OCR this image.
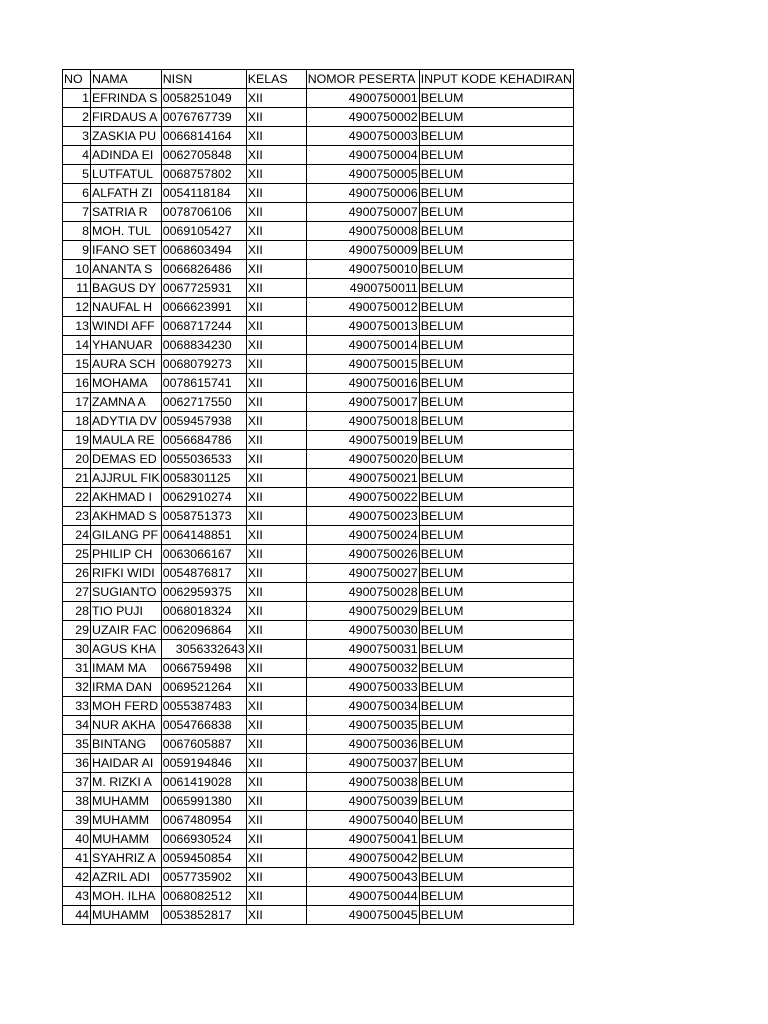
NO	NAMA	NISN	KELAS	NOMOR PESERTA	INPUT KODE KEHADIRAN
1	EFRINDA S	0058251049	XII	4900750001	BELUM
2	FIRDAUS A	0076767739	XII	4900750002	BELUM
3	ZASKIA PU	0066814164	XII	4900750003	BELUM
4	ADINDA EI	0062705848	XII	4900750004	BELUM
5	LUTFATUL	0068757802	XII	4900750005	BELUM
6	ALFATH ZI	0054118184	XII	4900750006	BELUM
7	SATRIA R	0078706106	XII	4900750007	BELUM
8	MOH. TUL	0069105427	XII	4900750008	BELUM
9	IFANO SET	0068603494	XII	4900750009	BELUM
10	ANANTA S	0066826486	XII	4900750010	BELUM
11	BAGUS DY	0067725931	XII	4900750011	BELUM
12	NAUFAL H	0066623991	XII	4900750012	BELUM
13	WINDI AFF	0068717244	XII	4900750013	BELUM
14	YHANUAR	0068834230	XII	4900750014	BELUM
15	AURA SCH	0068079273	XII	4900750015	BELUM
16	MOHAMA	0078615741	XII	4900750016	BELUM
17	ZAMNA A	0062717550	XII	4900750017	BELUM
18	ADYTIA DV	0059457938	XII	4900750018	BELUM
19	MAULA RE	0056684786	XII	4900750019	BELUM
20	DEMAS ED	0055036533	XII	4900750020	BELUM
21	AJJRUL FIK	0058301125	XII	4900750021	BELUM
22	AKHMAD I	0062910274	XII	4900750022	BELUM
23	AKHMAD S	0058751373	XII	4900750023	BELUM
24	GILANG PF	0064148851	XII	4900750024	BELUM
25	PHILIP CH	0063066167	XII	4900750026	BELUM
26	RIFKI WIDI	0054876817	XII	4900750027	BELUM
27	SUGIANTO	0062959375	XII	4900750028	BELUM
28	TIO PUJI	0068018324	XII	4900750029	BELUM
29	UZAIR FAC	0062096864	XII	4900750030	BELUM
30	AGUS KHA	3056332643	XII	4900750031	BELUM
31	IMAM MA	0066759498	XII	4900750032	BELUM
32	IRMA DAN	0069521264	XII	4900750033	BELUM
33	MOH FERD	0055387483	XII	4900750034	BELUM
34	NUR AKHA	0054766838	XII	4900750035	BELUM
35	BINTANG	0067605887	XII	4900750036	BELUM
36	HAIDAR AI	0059194846	XII	4900750037	BELUM
37	M. RIZKI A	0061419028	XII	4900750038	BELUM
38	MUHAMM	0065991380	XII	4900750039	BELUM
39	MUHAMM	0067480954	XII	4900750040	BELUM
40	MUHAMM	0066930524	XII	4900750041	BELUM
41	SYAHRIZ A	0059450854	XII	4900750042	BELUM
42	AZRIL ADI	0057735902	XII	4900750043	BELUM
43	MOH. ILHA	0068082512	XII	4900750044	BELUM
44	MUHAMM	0053852817	XII	4900750045	BELUM
